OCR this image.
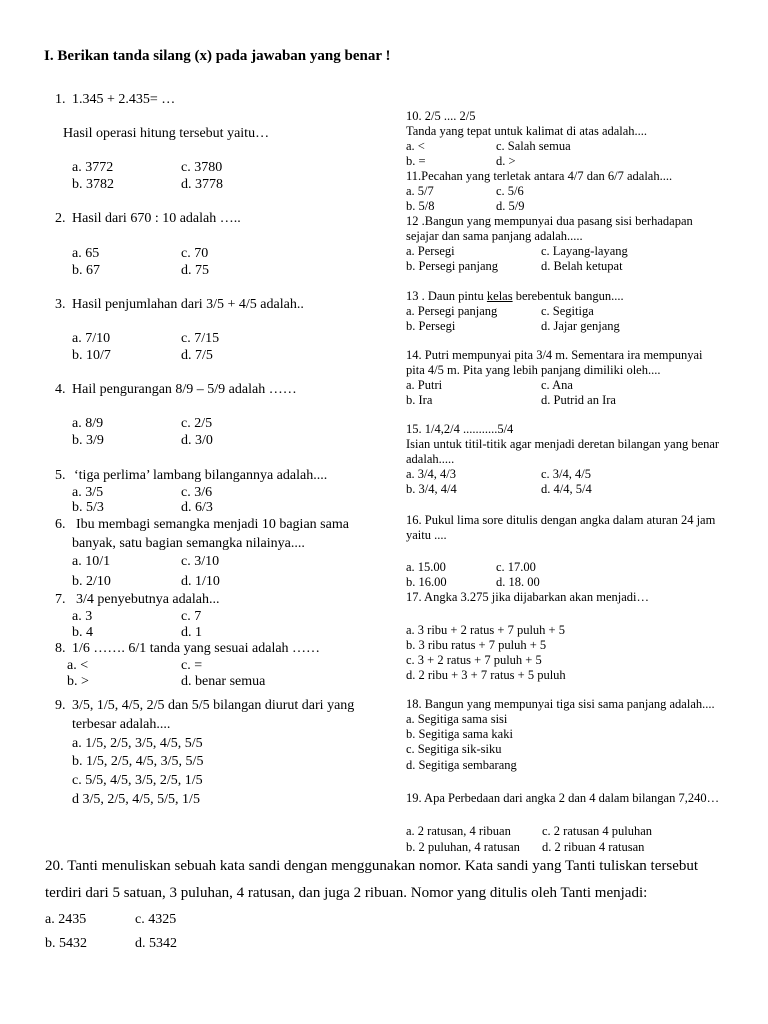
I. Berikan tanda silang (x) pada jawaban yang benar !
1. 1.345 + 2.435= …
Hasil operasi hitung tersebut yaitu…
a. 3772
b. 3782
c. 3780
d. 3778
2. Hasil dari 670 : 10 adalah …..
a. 65
b. 67
c. 70
d. 75
3. Hasil penjumlahan dari 3/5 + 4/5 adalah..
a. 7/10
b. 10/7
c. 7/15
d. 7/5
4. Hail pengurangan 8/9 – 5/9 adalah ……
a. 8/9
b. 3/9
c. 2/5
d. 3/0
5. ‘tiga perlima’ lambang bilangannya adalah....
a. 3/5
b. 5/3
c. 3/6
d. 6/3
6. Ibu membagi semangka menjadi 10 bagian sama
banyak, satu bagian semangka nilainya....
a. 10/1
b. 2/10
c. 3/10
d. 1/10
7. 3/4 penyebutnya adalah...
a. 3
b. 4
c. 7
d. 1
8. 1/6 ……. 6/1 tanda yang sesuai adalah ……
a. <
b. >
c. =
d. benar semua
9. 3/5, 1/5, 4/5, 2/5 dan 5/5 bilangan diurut dari yang
terbesar adalah....
a. 1/5, 2/5, 3/5, 4/5, 5/5
b. 1/5, 2/5, 4/5, 3/5, 5/5
c. 5/5, 4/5, 3/5, 2/5, 1/5
d 3/5, 2/5, 4/5, 5/5, 1/5
10. 2/5 .... 2/5
Tanda yang tepat untuk kalimat di atas adalah....
a. <
b. =
c. Salah semua
d. >
11.Pecahan yang terletak antara 4/7 dan 6/7 adalah....
a. 5/7
b. 5/8
c. 5/6
d. 5/9
12 .Bangun yang mempunyai dua pasang sisi berhadapan
sejajar dan sama panjang adalah.....
a. Persegi
b. Persegi panjang
c. Layang-layang
d. Belah ketupat
13 . Daun pintu kelas berebentuk bangun....
a. Persegi panjang
b. Persegi
c. Segitiga
d. Jajar genjang
14. Putri mempunyai pita 3/4 m. Sementara ira mempunyai
pita 4/5 m. Pita yang lebih panjang dimiliki oleh....
a. Putri
b. Ira
c. Ana
d. Putrid an Ira
15. 1/4,2/4 ...........5/4
Isian untuk titil-titik agar menjadi deretan bilangan yang benar
adalah.....
a. 3/4, 4/3
b. 3/4, 4/4
c. 3/4, 4/5
d. 4/4, 5/4
16. Pukul lima sore ditulis dengan angka dalam aturan 24 jam
yaitu ....
a. 15.00
b. 16.00
c. 17.00
d. 18. 00
17. Angka 3.275 jika dijabarkan akan menjadi…
a. 3 ribu + 2 ratus + 7 puluh + 5
b. 3 ribu ratus + 7 puluh + 5
c. 3 + 2 ratus + 7 puluh + 5
d. 2 ribu + 3 + 7 ratus + 5 puluh
18. Bangun yang mempunyai tiga sisi sama panjang adalah....
a. Segitiga sama sisi
b. Segitiga sama kaki
c. Segitiga sik-siku
d. Segitiga sembarang
19. Apa Perbedaan dari angka 2 dan 4 dalam bilangan 7,240…
a. 2 ratusan, 4 ribuan
b. 2 puluhan, 4 ratusan
c. 2 ratusan 4 puluhan
d. 2 ribuan 4 ratusan
20. Tanti menuliskan sebuah kata sandi dengan menggunakan nomor. Kata sandi yang Tanti tuliskan tersebut
terdiri dari 5 satuan, 3 puluhan, 4 ratusan, dan juga 2 ribuan. Nomor yang ditulis oleh Tanti menjadi:
a. 2435
b. 5432
c. 4325
d. 5342
